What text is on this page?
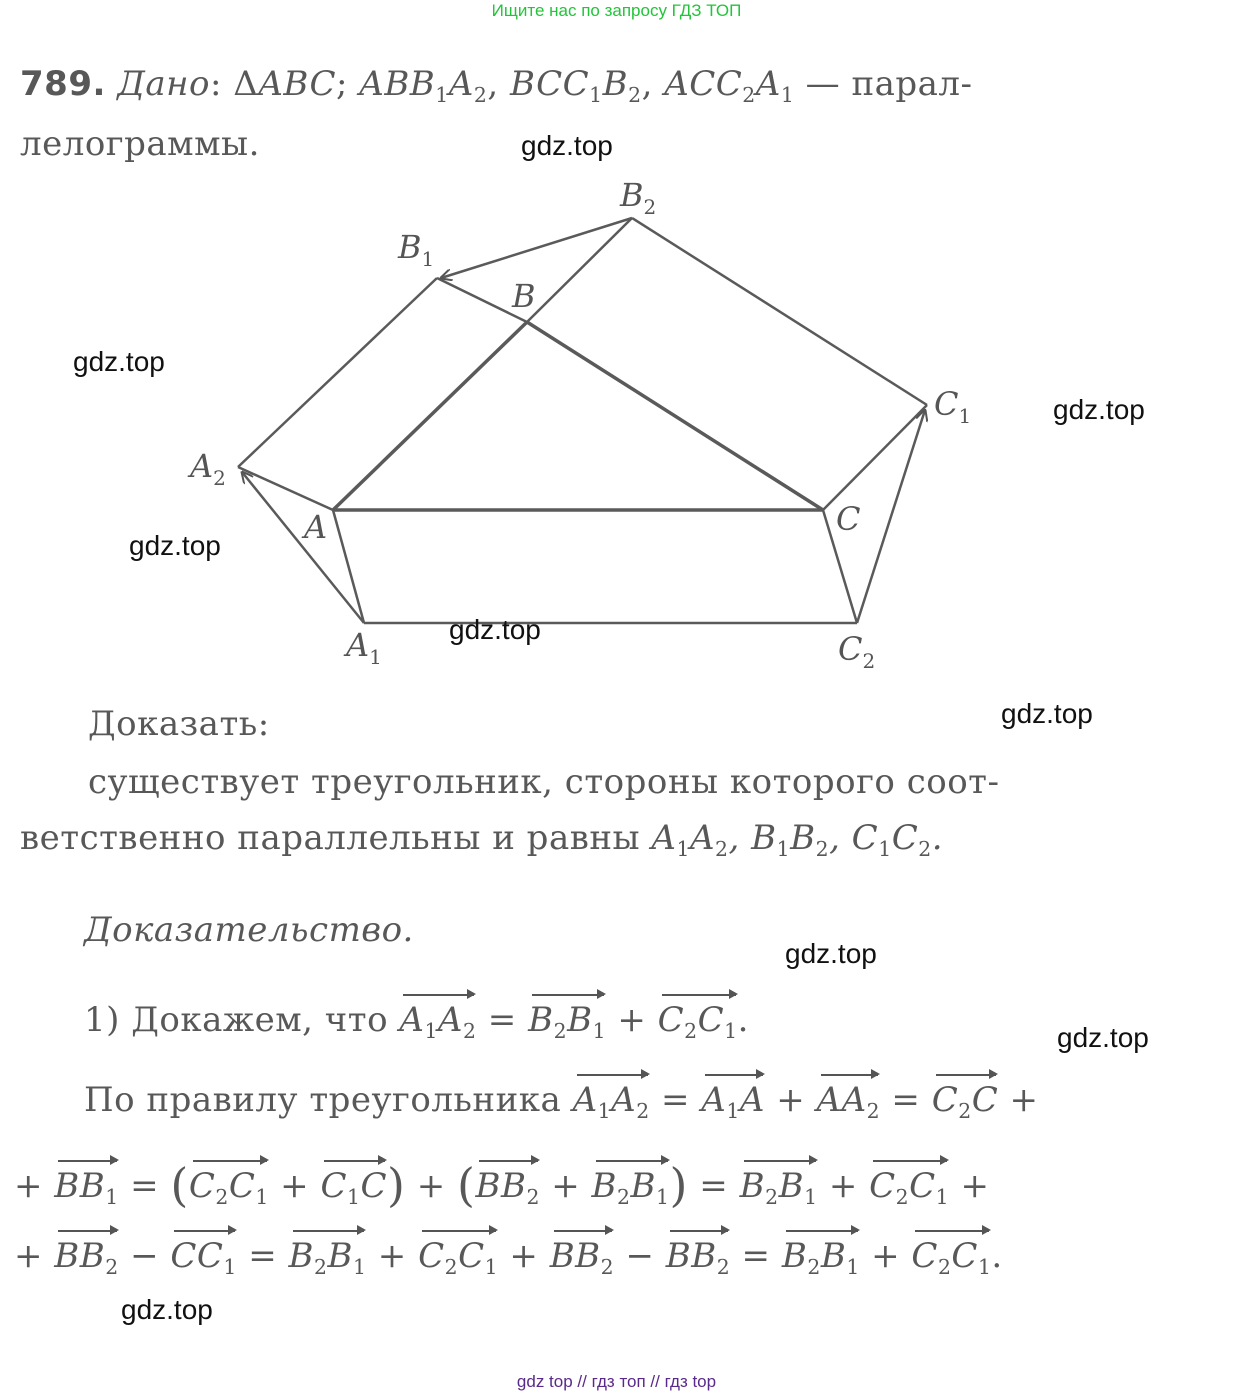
Ищите нас по запросу ГДЗ ТОП
789. Дано: ΔABC; $ABB_1A_2$, $BCC_1B_2$, $ACC_2A_1$ — парал-
лелограммы.
A
B
C
$A_1$
$A_2$
$B_1$
$B_2$
$C_1$
$C_2$
Доказать:
существует треугольник, стороны которого соот-
ветственно параллельны и равны $A_1A_2$, $B_1B_2$, $C_1C_2$.
Доказательство.
1) Докажем, что $A_1A_2 = B_2B_1 + C_2C_1$.
По правилу треугольника $A_1A_2 = A_1A + AA_2 = C_2C$ +
+ $BB_1 = (C_2C_1 + C_1C) + (BB_2 + B_2B_1) = B_2B_1 + C_2C_1$ +
+ $BB_2 - CC_1 = B_2B_1 + C_2C_1 + BB_2 - BB_2 = B_2B_1 + C_2C_1$.
gdz.top
gdz.top
gdz.top
gdz.top
gdz.top
gdz.top
gdz.top
gdz.top
gdz.top
gdz top // гдз топ // гдз top
